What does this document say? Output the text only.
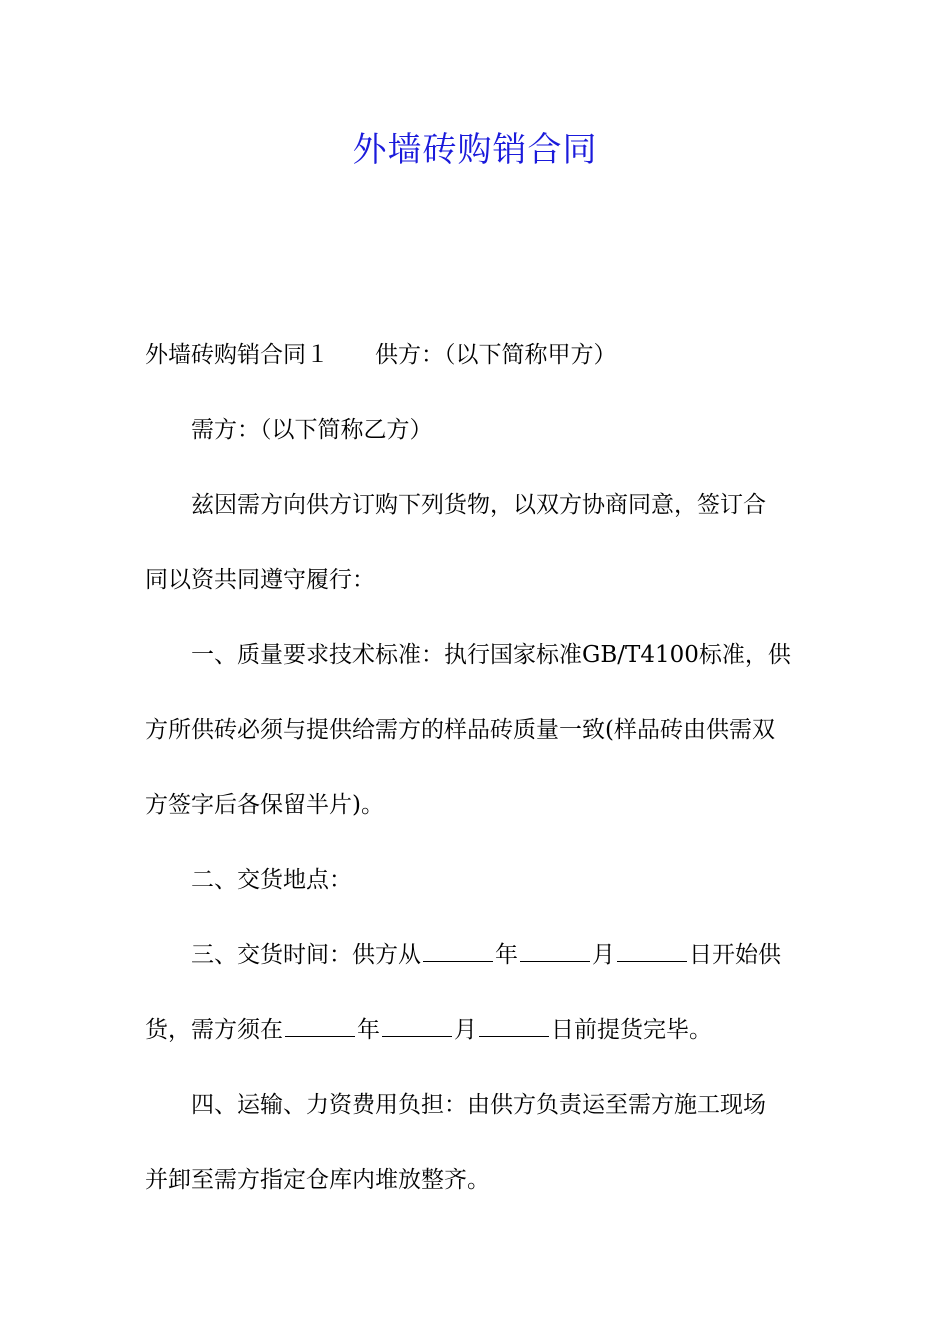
外墙砖购销合同
外墙砖购销合同１ 供方：（以下简称甲方）
需方：（以下简称乙方）
兹因需方向供方订购下列货物，以双方协商同意，签订合
同以资共同遵守履行：
一、质量要求技术标准：执行国家标准GB/T4100标准，供
方所供砖必须与提供给需方的样品砖质量一致(样品砖由供需双
方签字后各保留半片)。
二、交货地点：
三、交货时间：供方从	年	月	日开始供
货，需方须在	年	月	日前提货完毕。
四、运输、力资费用负担：由供方负责运至需方施工现场
并卸至需方指定仓库内堆放整齐。
